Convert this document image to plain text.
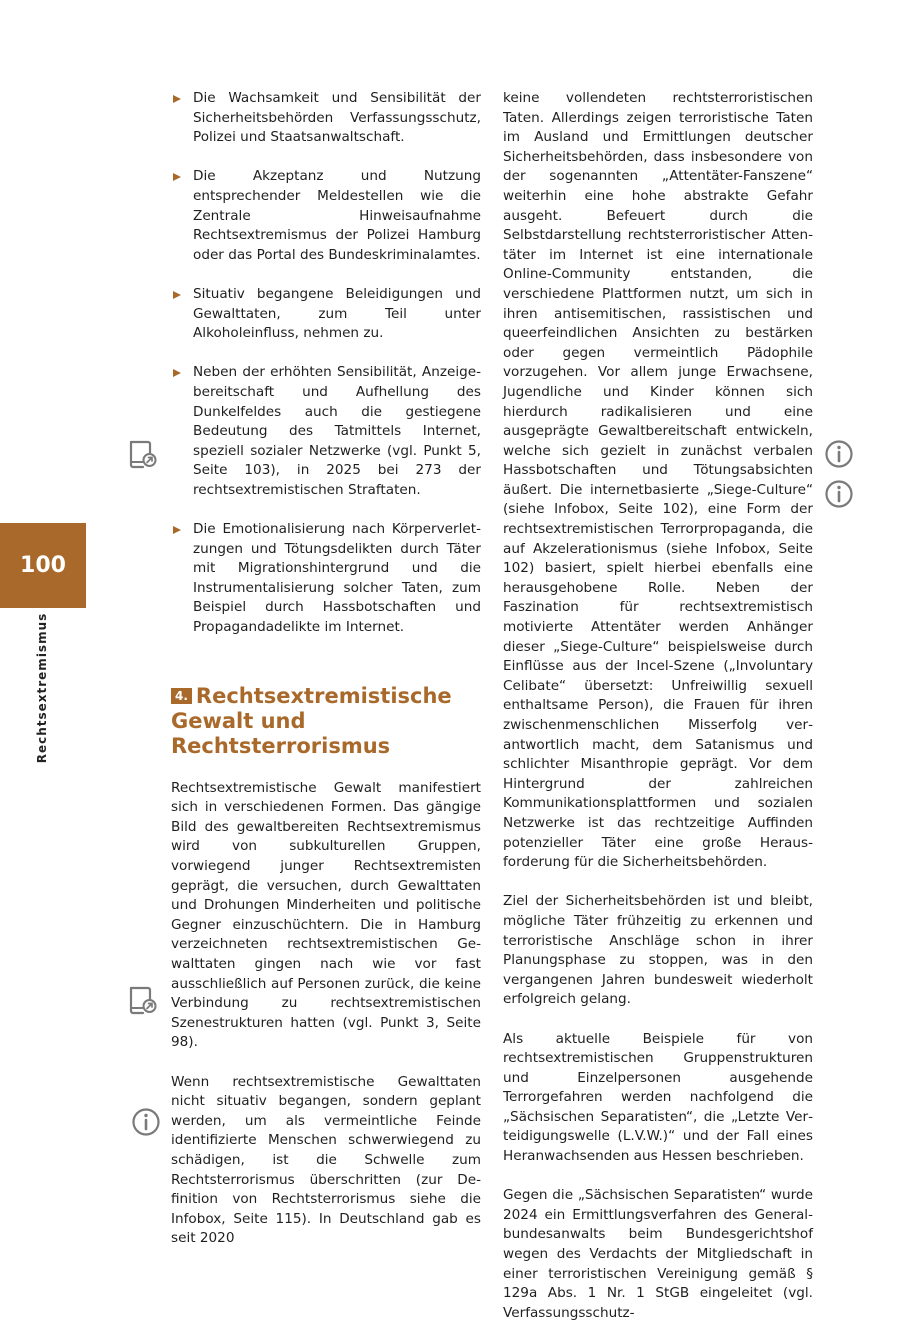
100
Rechtsextremismus
Die Wachsamkeit und Sensibilität der Sicherheitsbehörden Verfassungsschutz, Polizei und Staatsanwaltschaft.
Die Akzeptanz und Nutzung entsprechender Meldestellen wie die Zentrale Hinweisaufnahme Rechtsextremismus der Polizei Hamburg oder das Portal des Bundeskriminalamtes.
Situativ begangene Beleidigungen und Gewalttaten, zum Teil unter Alkoholeinfluss, nehmen zu.
Neben der erhöhten Sensibilität, Anzeigebereitschaft und Aufhellung des Dunkelfeldes auch die gestiegene Bedeutung des Tatmittels Internet, speziell sozialer Netzwerke (vgl. Punkt 5, Seite 103), in 2025 bei 273 der rechtsextremistischen Straftaten.
Die Emotionalisierung nach Körperverletzungen und Tötungsdelikten durch Täter mit Migrationshintergrund und die Instrumentalisierung solcher Taten, zum Beispiel durch Hassbotschaften und Propagandadelikte im Internet.
4. Rechtsextremistische Gewalt und Rechtsterrorismus

Rechtsextremistische Gewalt manifestiert sich in verschiedenen Formen. Das gängige Bild des gewaltbereiten Rechtsextremismus wird von subkulturellen Gruppen, vorwiegend junger Rechtsextremisten geprägt, die versuchen, durch Gewalttaten und Drohungen Minderheiten und politische Gegner einzuschüchtern. Die in Hamburg verzeichneten rechtsextremistischen Gewalttaten gingen nach wie vor fast ausschließlich auf Personen zurück, die keine Verbindung zu rechtsextremistischen Szenestrukturen hatten (vgl. Punkt 3, Seite 98).

Wenn rechtsextremistische Gewalttaten nicht situativ begangen, sondern geplant werden, um als vermeintliche Feinde identifizierte Menschen schwerwiegend zu schädigen, ist die Schwelle zum Rechtsterrorismus überschritten (zur Definition von Rechtsterrorismus siehe die Infobox, Seite 115). In Deutschland gab es seit 2020

keine vollendeten rechtsterroristischen Taten. Allerdings zeigen terroristische Taten im Ausland und Ermittlungen deutscher Sicherheitsbehörden, dass insbesondere von der sogenannten „Attentäter-Fanszene“ weiterhin eine hohe abstrakte Gefahr ausgeht. Befeuert durch die Selbstdarstellung rechtsterroristischer Attentäter im Internet ist eine internationale Online-Community entstanden, die verschiedene Plattformen nutzt, um sich in ihren antisemitischen, rassistischen und queerfeindlichen Ansichten zu bestärken oder gegen vermeintlich Pädophile vorzugehen. Vor allem junge Erwachsene, Jugendliche und Kinder können sich hierdurch radikalisieren und eine ausgeprägte Gewaltbereitschaft entwickeln, welche sich gezielt in zunächst verbalen Hassbotschaften und Tötungsabsichten äußert. Die internetbasierte „Siege-Culture“ (siehe Infobox, Seite 102), eine Form der rechtsextremistischen Terrorpropaganda, die auf Akzelerationismus (siehe Infobox, Seite 102) basiert, spielt hierbei ebenfalls eine herausgehobene Rolle. Neben der Faszination für rechtsextremistisch motivierte Attentäter werden Anhänger dieser „Siege-Culture“ beispielsweise durch Einflüsse aus der Incel-Szene („Involuntary Celibate“ übersetzt: Unfreiwillig sexuell enthaltsame Person), die Frauen für ihren zwischenmenschlichen Misserfolg verantwortlich macht, dem Satanismus und schlichter Misanthropie geprägt. Vor dem Hintergrund der zahlreichen Kommunikationsplattformen und sozialen Netzwerke ist das rechtzeitige Auffinden potenzieller Täter eine große Herausforderung für die Sicherheitsbehörden.

Ziel der Sicherheitsbehörden ist und bleibt, mögliche Täter frühzeitig zu erkennen und terroristische Anschläge schon in ihrer Planungsphase zu stoppen, was in den vergangenen Jahren bundesweit wiederholt erfolgreich gelang.

Als aktuelle Beispiele für von rechtsextremistischen Gruppenstrukturen und Einzelpersonen ausgehende Terrorgefahren werden nachfolgend die „Sächsischen Separatisten“, die „Letzte Verteidigungswelle (L.V.W.)“ und der Fall eines Heranwachsenden aus Hessen beschrieben.

Gegen die „Sächsischen Separatisten“ wurde 2024 ein Ermittlungsverfahren des Generalbundesanwalts beim Bundesgerichtshof wegen des Verdachts der Mitgliedschaft in einer terroristischen Vereinigung gemäß § 129a Abs. 1 Nr. 1 StGB eingeleitet (vgl. Verfassungsschutz-
